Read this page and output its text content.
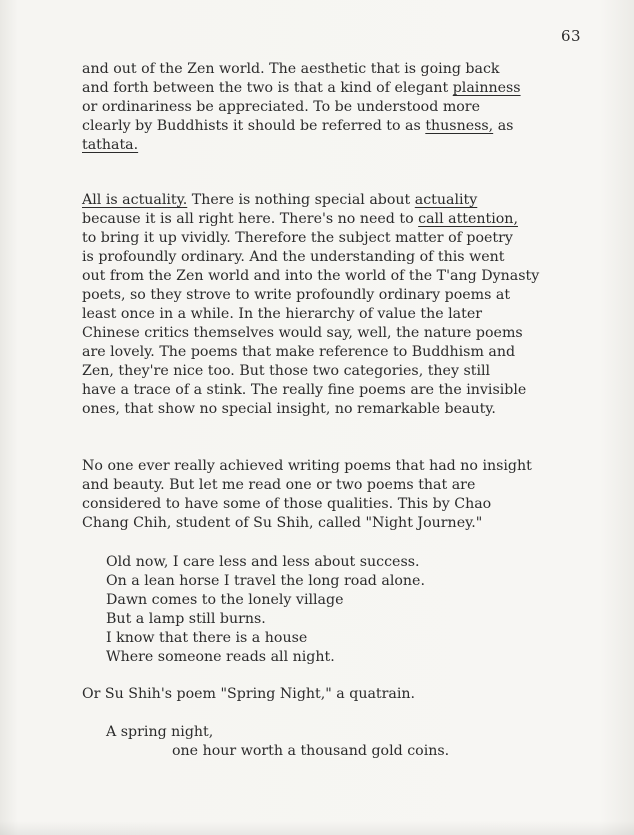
63
and out of the Zen world. The aesthetic that is going back
and forth between the two is that a kind of elegant plainness
or ordinariness be appreciated. To be understood more
clearly by Buddhists it should be referred to as thusness, as
tathata.
All is actuality. There is nothing special about actuality
because it is all right here. There's no need to call attention,
to bring it up vividly. Therefore the subject matter of poetry
is profoundly ordinary. And the understanding of this went
out from the Zen world and into the world of the T'ang Dynasty
poets, so they strove to write profoundly ordinary poems at
least once in a while. In the hierarchy of value the later
Chinese critics themselves would say, well, the nature poems
are lovely. The poems that make reference to Buddhism and
Zen, they're nice too. But those two categories, they still
have a trace of a stink. The really fine poems are the invisible
ones, that show no special insight, no remarkable beauty.
No one ever really achieved writing poems that had no insight
and beauty. But let me read one or two poems that are
considered to have some of those qualities. This by Chao
Chang Chih, student of Su Shih, called "Night Journey."
Old now, I care less and less about success.
On a lean horse I travel the long road alone.
Dawn comes to the lonely village
But a lamp still burns.
I know that there is a house
Where someone reads all night.
Or Su Shih's poem "Spring Night," a quatrain.
A spring night,
one hour worth a thousand gold coins.
